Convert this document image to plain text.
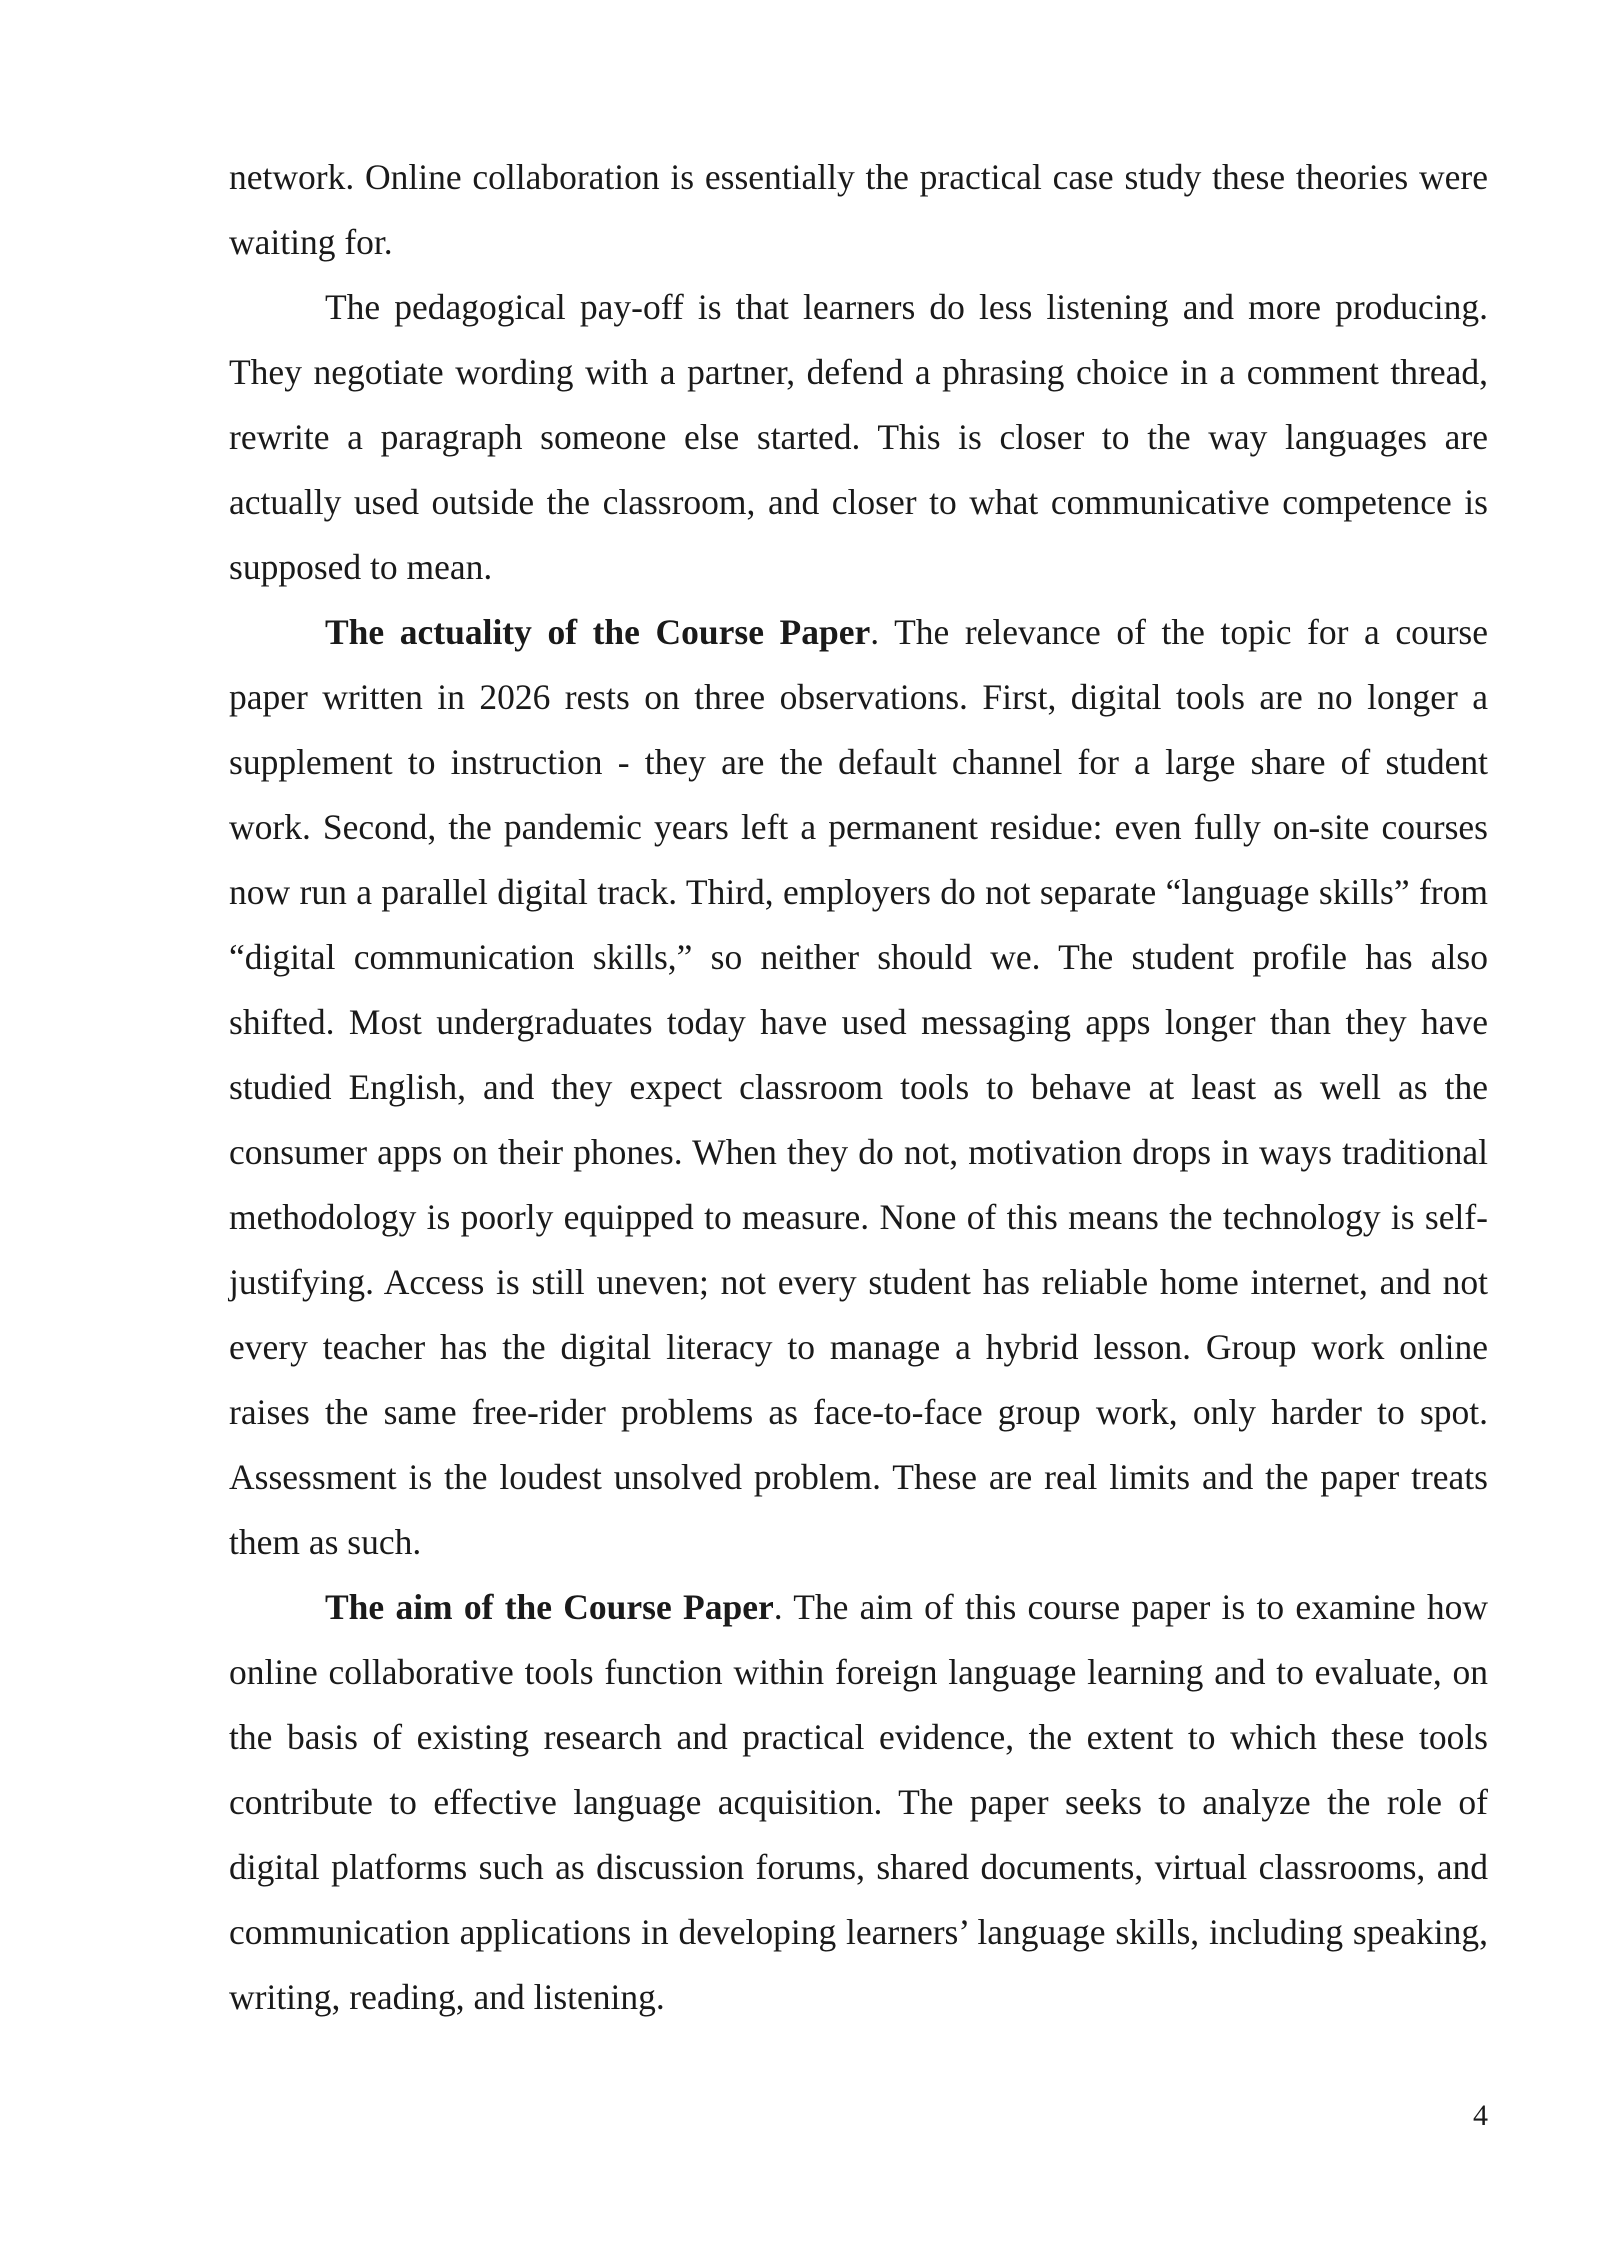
network. Online collaboration is essentially the practical case study these theories were waiting for.

The pedagogical pay-off is that learners do less listening and more producing. They negotiate wording with a partner, defend a phrasing choice in a comment thread, rewrite a paragraph someone else started. This is closer to the way languages are actually used outside the classroom, and closer to what communicative competence is supposed to mean.

The actuality of the Course Paper. The relevance of the topic for a course paper written in 2026 rests on three observations. First, digital tools are no longer a supplement to instruction - they are the default channel for a large share of student work. Second, the pandemic years left a permanent residue: even fully on-site courses now run a parallel digital track. Third, employers do not separate “language skills” from “digital communication skills,” so neither should we. The student profile has also shifted. Most undergraduates today have used messaging apps longer than they have studied English, and they expect classroom tools to behave at least as well as the consumer apps on their phones. When they do not, motivation drops in ways traditional methodology is poorly equipped to measure. None of this means the technology is self-justifying. Access is still uneven; not every student has reliable home internet, and not every teacher has the digital literacy to manage a hybrid lesson. Group work online raises the same free-rider problems as face-to-face group work, only harder to spot. Assessment is the loudest unsolved problem. These are real limits and the paper treats them as such.

The aim of the Course Paper. The aim of this course paper is to examine how online collaborative tools function within foreign language learning and to evaluate, on the basis of existing research and practical evidence, the extent to which these tools contribute to effective language acquisition. The paper seeks to analyze the role of digital platforms such as discussion forums, shared documents, virtual classrooms, and communication applications in developing learners’ language skills, including speaking, writing, reading, and listening.

4
